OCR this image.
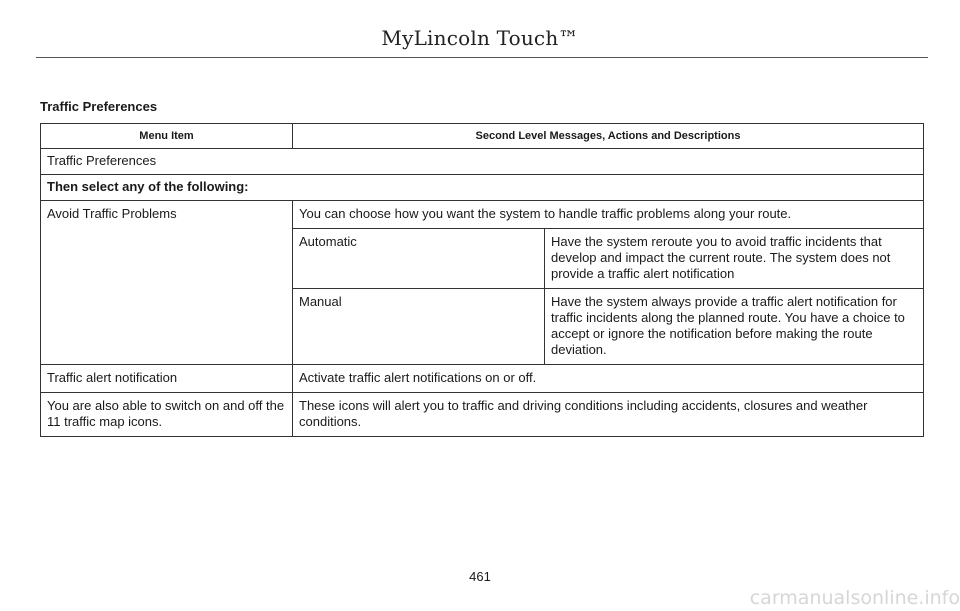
MyLincoln Touch™
Traffic Preferences
Menu Item	Second Level Messages, Actions and Descriptions	

Traffic Preferences		

Then select any of the following:		

Avoid Traffic Problems	You can choose how you want the system to handle traffic problems along your route.	

	Automatic	Have the system reroute you to avoid traffic incidents that develop and impact the current route. The system does not provide a traffic alert notification

	Manual	Have the system always provide a traffic alert notification for traffic incidents along the planned route. You have a choice to accept or ignore the notification before making the route deviation.

Traffic alert notification	Activate traffic alert notifications on or off.	

You are also able to switch on and off the 11 traffic map icons.	These icons will alert you to traffic and driving conditions including accidents, closures and weather conditions.	
461
carmanualsonline.info
